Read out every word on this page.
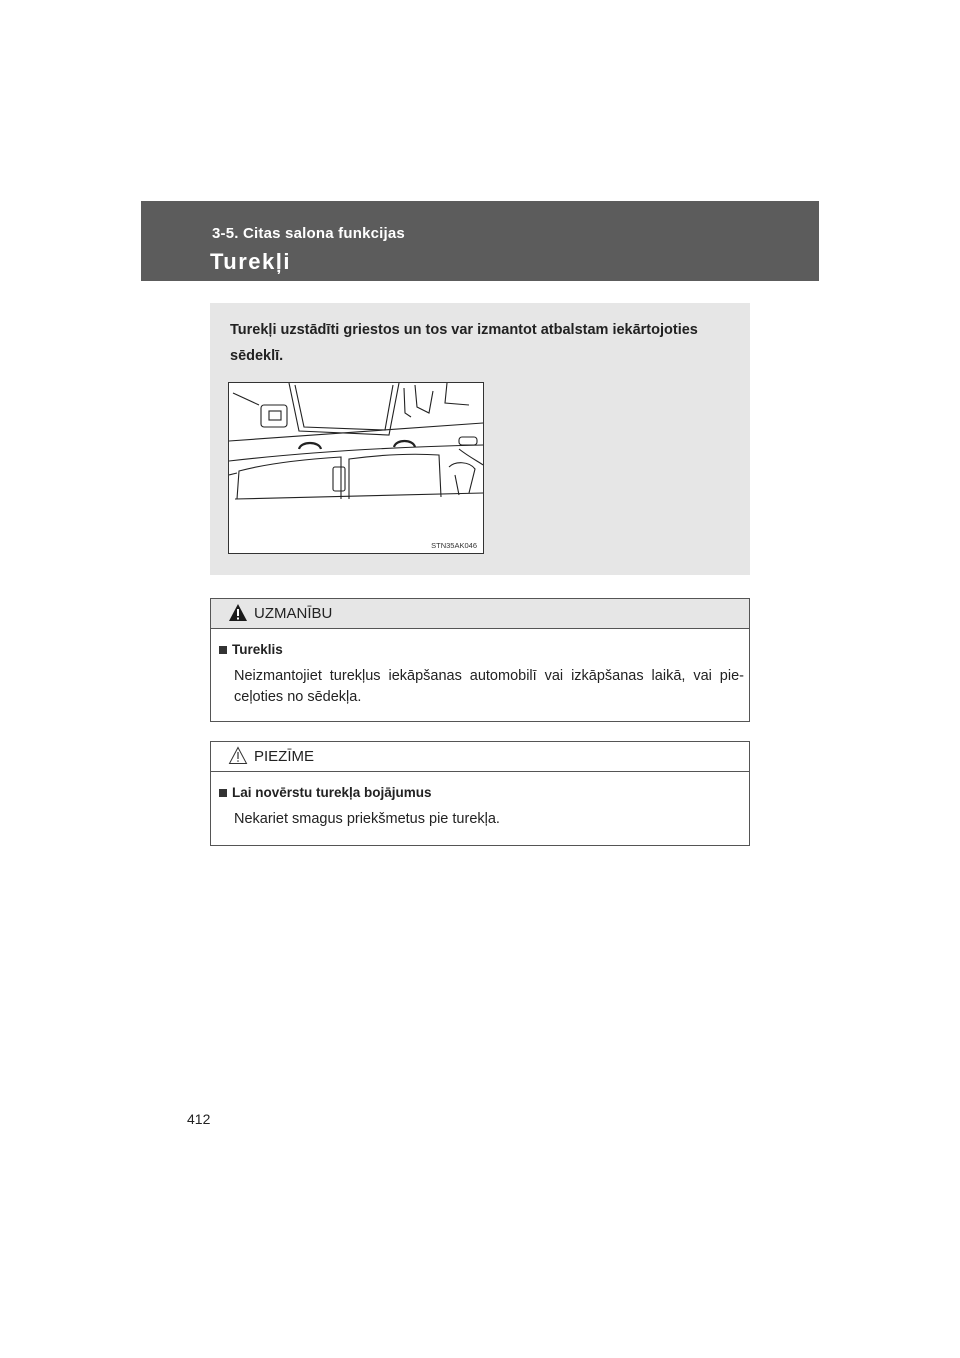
3-5. Citas salona funkcijas
Turekļi
Turekļi uzstādīti griestos un tos var izmantot atbalstam iekārtojoties sēdeklī.
STN35AK046
UZMANĪBU
Tureklis
Neizmantojiet turekļus iekāpšanas automobilī vai izkāpšanas laikā, vai pie-ceļoties no sēdekļa.
PIEZĪME
Lai novērstu turekļa bojājumus
Nekariet smagus priekšmetus pie turekļa.
412
